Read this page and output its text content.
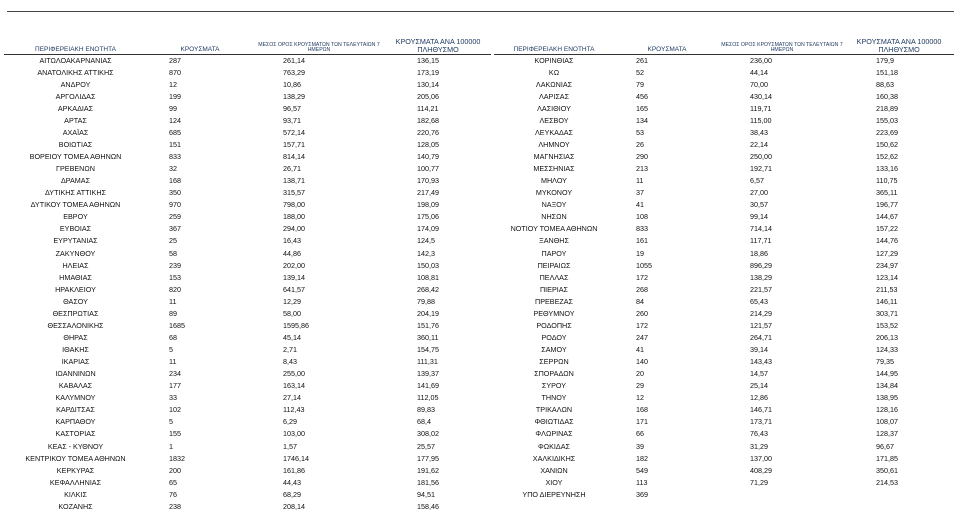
ΠΕΡΙΦΕΡΕΙΑΚΗ ΕΝΟΤΗΤΑ	ΚΡΟΥΣΜΑΤΑ	ΜΕΣΟΣ ΟΡΟΣ ΚΡΟΥΣΜΑΤΩΝ ΤΩΝ ΤΕΛΕΥΤΑΙΩΝ 7 ΗΜΕΡΩΝ	ΚΡΟΥΣΜΑΤΑ ΑΝΑ 100000 ΠΛΗΘΥΣΜΟ
ΑΙΤΩΛΟΑΚΑΡΝΑΝΙΑΣ	287	261,14	136,15
ΑΝΑΤΟΛΙΚΗΣ ΑΤΤΙΚΗΣ	870	763,29	173,19
ΑΝΔΡΟΥ	12	10,86	130,14
ΑΡΓΟΛΙΔΑΣ	199	138,29	205,06
ΑΡΚΑΔΙΑΣ	99	96,57	114,21
ΑΡΤΑΣ	124	93,71	182,68
ΑΧΑΪΑΣ	685	572,14	220,76
ΒΟΙΩΤΙΑΣ	151	157,71	128,05
ΒΟΡΕΙΟΥ ΤΟΜΕΑ ΑΘΗΝΩΝ	833	814,14	140,79
ΓΡΕΒΕΝΩΝ	32	26,71	100,77
ΔΡΑΜΑΣ	168	138,71	170,93
ΔΥΤΙΚΗΣ ΑΤΤΙΚΗΣ	350	315,57	217,49
ΔΥΤΙΚΟΥ ΤΟΜΕΑ ΑΘΗΝΩΝ	970	798,00	198,09
ΕΒΡΟΥ	259	188,00	175,06
ΕΥΒΟΙΑΣ	367	294,00	174,09
ΕΥΡΥΤΑΝΙΑΣ	25	16,43	124,5
ΖΑΚΥΝΘΟΥ	58	44,86	142,3
ΗΛΕΙΑΣ	239	202,00	150,03
ΗΜΑΘΙΑΣ	153	139,14	108,81
ΗΡΑΚΛΕΙΟΥ	820	641,57	268,42
ΘΑΣΟΥ	11	12,29	79,88
ΘΕΣΠΡΩΤΙΑΣ	89	58,00	204,19
ΘΕΣΣΑΛΟΝΙΚΗΣ	1685	1595,86	151,76
ΘΗΡΑΣ	68	45,14	360,11
ΙΘΑΚΗΣ	5	2,71	154,75
ΙΚΑΡΙΑΣ	11	8,43	111,31
ΙΩΑΝΝΙΝΩΝ	234	255,00	139,37
ΚΑΒΑΛΑΣ	177	163,14	141,69
ΚΑΛΥΜΝΟΥ	33	27,14	112,05
ΚΑΡΔΙΤΣΑΣ	102	112,43	89,83
ΚΑΡΠΑΘΟΥ	5	6,29	68,4
ΚΑΣΤΟΡΙΑΣ	155	103,00	308,02
ΚΕΑΣ - ΚΥΘΝΟΥ	1	1,57	25,57
ΚΕΝΤΡΙΚΟΥ ΤΟΜΕΑ ΑΘΗΝΩΝ	1832	1746,14	177,95
ΚΕΡΚΥΡΑΣ	200	161,86	191,62
ΚΕΦΑΛΛΗΝΙΑΣ	65	44,43	181,56
ΚΙΛΚΙΣ	76	68,29	94,51
ΚΟΖΑΝΗΣ	238	208,14	158,46
ΠΕΡΙΦΕΡΕΙΑΚΗ ΕΝΟΤΗΤΑ	ΚΡΟΥΣΜΑΤΑ	ΜΕΣΟΣ ΟΡΟΣ ΚΡΟΥΣΜΑΤΩΝ ΤΩΝ ΤΕΛΕΥΤΑΙΩΝ 7 ΗΜΕΡΩΝ	ΚΡΟΥΣΜΑΤΑ ΑΝΑ 100000 ΠΛΗΘΥΣΜΟ
ΚΟΡΙΝΘΙΑΣ	261	236,00	179,9
ΚΩ	52	44,14	151,18
ΛΑΚΩΝΙΑΣ	79	70,00	88,63
ΛΑΡΙΣΑΣ	456	430,14	160,38
ΛΑΣΙΘΙΟΥ	165	119,71	218,89
ΛΕΣΒΟΥ	134	115,00	155,03
ΛΕΥΚΑΔΑΣ	53	38,43	223,69
ΛΗΜΝΟΥ	26	22,14	150,62
ΜΑΓΝΗΣΙΑΣ	290	250,00	152,62
ΜΕΣΣΗΝΙΑΣ	213	192,71	133,16
ΜΗΛΟΥ	11	6,57	110,75
ΜΥΚΟΝΟΥ	37	27,00	365,11
ΝΑΞΟΥ	41	30,57	196,77
ΝΗΣΩΝ	108	99,14	144,67
ΝΟΤΙΟΥ ΤΟΜΕΑ ΑΘΗΝΩΝ	833	714,14	157,22
ΞΑΝΘΗΣ	161	117,71	144,76
ΠΑΡΟΥ	19	18,86	127,29
ΠΕΙΡΑΙΩΣ	1055	896,29	234,97
ΠΕΛΛΑΣ	172	138,29	123,14
ΠΙΕΡΙΑΣ	268	221,57	211,53
ΠΡΕΒΕΖΑΣ	84	65,43	146,11
ΡΕΘΥΜΝΟΥ	260	214,29	303,71
ΡΟΔΟΠΗΣ	172	121,57	153,52
ΡΟΔΟΥ	247	264,71	206,13
ΣΑΜΟΥ	41	39,14	124,33
ΣΕΡΡΩΝ	140	143,43	79,35
ΣΠΟΡΑΔΩΝ	20	14,57	144,95
ΣΥΡΟΥ	29	25,14	134,84
ΤΗΝΟΥ	12	12,86	138,95
ΤΡΙΚΑΛΩΝ	168	146,71	128,16
ΦΘΙΩΤΙΔΑΣ	171	173,71	108,07
ΦΛΩΡΙΝΑΣ	66	76,43	128,37
ΦΩΚΙΔΑΣ	39	31,29	96,67
ΧΑΛΚΙΔΙΚΗΣ	182	137,00	171,85
ΧΑΝΙΩΝ	549	408,29	350,61
ΧΙΟΥ	113	71,29	214,53
ΥΠΟ ΔΙΕΡΕΥΝΗΣΗ	369		
